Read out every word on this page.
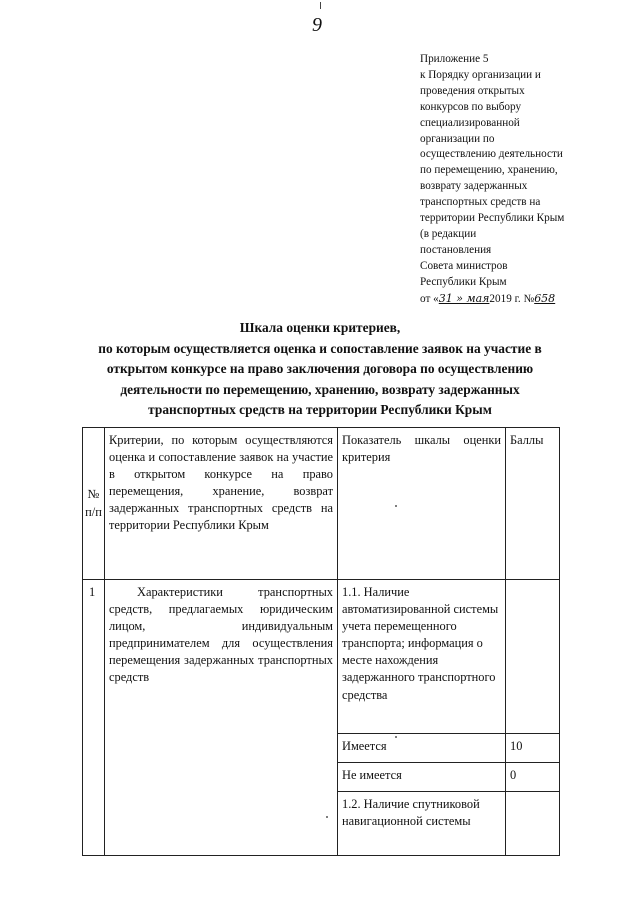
9
Приложение 5
к Порядку организации и
проведения открытых
конкурсов по выбору
специализированной
организации по
осуществлению деятельности
по перемещению, хранению,
возврату задержанных
транспортных средств на
территории Республики Крым
(в редакции
постановления
Совета министров
Республики Крым
от «31 » мая2019 г. №658
Шкала оценки критериев,
по которым осуществляется оценка и сопоставление заявок на участие в
открытом конкурсе на право заключения договора по осуществлению
деятельности по перемещению, хранению, возврату задержанных
транспортных средств на территории Республики Крым
№ п/п	Критерии, по которым осуществляются оценка и сопоставление заявок на участие в открытом конкурсе на право перемещения, хранение, возврат задержанных транспортных средств на территории Республики Крым	Показатель шкалы оценки критерия	Баллы
1	Характеристики транспортных средств, предлагаемых юридическим лицом, индивидуальным предпринимателем для осуществления перемещения задержанных транспортных средств	1.1. Наличие автоматизированной системы учета перемещенного транспорта; информация о месте нахождения задержанного транспортного средства	
		Имеется	10
		Не имеется	0
		1.2. Наличие спутниковой навигационной системы	
